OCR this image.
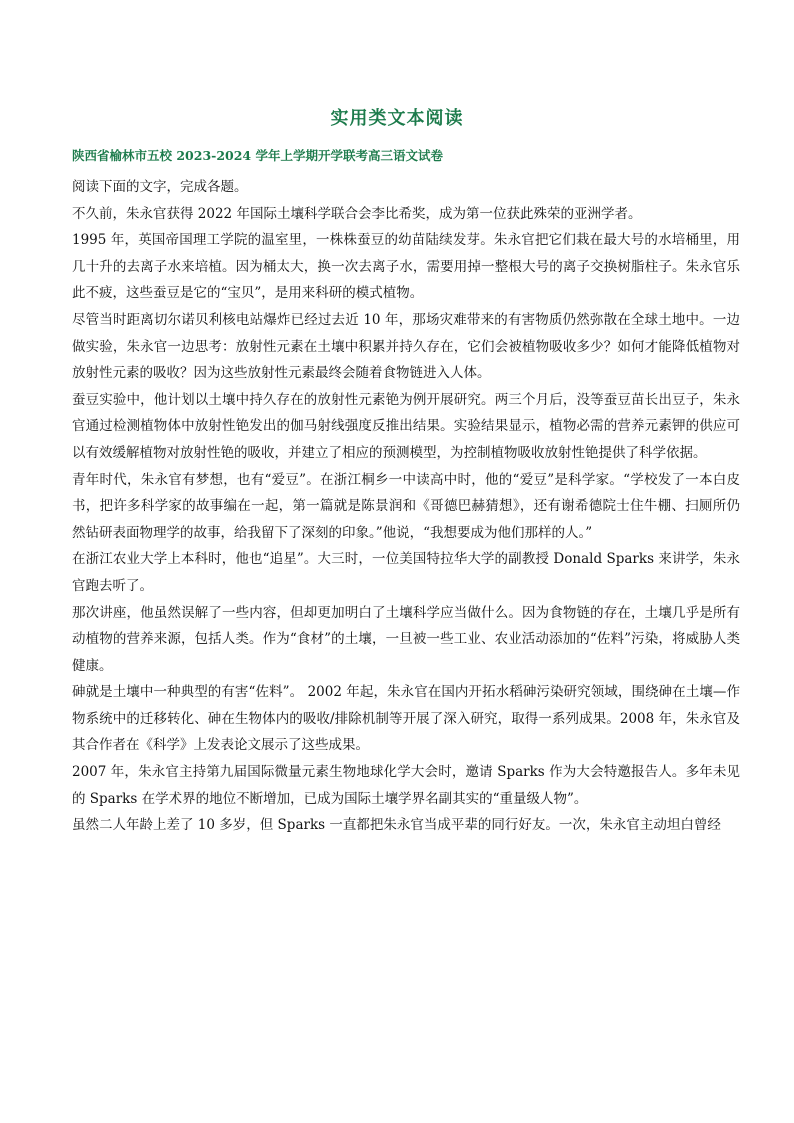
实用类文本阅读
陕西省榆林市五校 2023-2024 学年上学期开学联考高三语文试卷

阅读下面的文字，完成各题。

不久前，朱永官获得 2022 年国际土壤科学联合会李比希奖，成为第一位获此殊荣的亚洲学者。

1995 年，英国帝国理工学院的温室里，一株株蚕豆的幼苗陆续发芽。朱永官把它们栽在最大号的水培桶里，用几十升的去离子水来培植。因为桶太大，换一次去离子水，需要用掉一整根大号的离子交换树脂柱子。朱永官乐此不疲，这些蚕豆是它的“宝贝”，是用来科研的模式植物。

尽管当时距离切尔诺贝利核电站爆炸已经过去近 10 年，那场灾难带来的有害物质仍然弥散在全球土地中。一边做实验，朱永官一边思考：放射性元素在土壤中积累并持久存在，它们会被植物吸收多少？如何才能降低植物对放射性元素的吸收？因为这些放射性元素最终会随着食物链进入人体。

蚕豆实验中，他计划以土壤中持久存在的放射性元素铯为例开展研究。两三个月后，没等蚕豆苗长出豆子，朱永官通过检测植物体中放射性铯发出的伽马射线强度反推出结果。实验结果显示，植物必需的营养元素钾的供应可以有效缓解植物对放射性铯的吸收，并建立了相应的预测模型，为控制植物吸收放射性铯提供了科学依据。

青年时代，朱永官有梦想，也有“爱豆”。在浙江桐乡一中读高中时，他的“爱豆”是科学家。“学校发了一本白皮书，把许多科学家的故事编在一起，第一篇就是陈景润和《哥德巴赫猜想》，还有谢希德院士住牛棚、扫厕所仍然钻研表面物理学的故事，给我留下了深刻的印象。”他说，“我想要成为他们那样的人。”

在浙江农业大学上本科时，他也“追星”。大三时，一位美国特拉华大学的副教授 Donald Sparks 来讲学，朱永官跑去听了。

那次讲座，他虽然误解了一些内容，但却更加明白了土壤科学应当做什么。因为食物链的存在，土壤几乎是所有动植物的营养来源，包括人类。作为“食材”的土壤，一旦被一些工业、农业活动添加的“佐料”污染，将威胁人类健康。

砷就是土壤中一种典型的有害“佐料”。 2002 年起，朱永官在国内开拓水稻砷污染研究领域，围绕砷在土壤—作物系统中的迁移转化、砷在生物体内的吸收/排除机制等开展了深入研究，取得一系列成果。2008 年，朱永官及其合作者在《科学》上发表论文展示了这些成果。

2007 年，朱永官主持第九届国际微量元素生物地球化学大会时，邀请 Sparks 作为大会特邀报告人。多年未见的 Sparks 在学术界的地位不断增加，已成为国际土壤学界名副其实的“重量级人物”。

虽然二人年龄上差了 10 多岁，但 Sparks 一直都把朱永官当成平辈的同行好友。一次，朱永官主动坦白曾经
